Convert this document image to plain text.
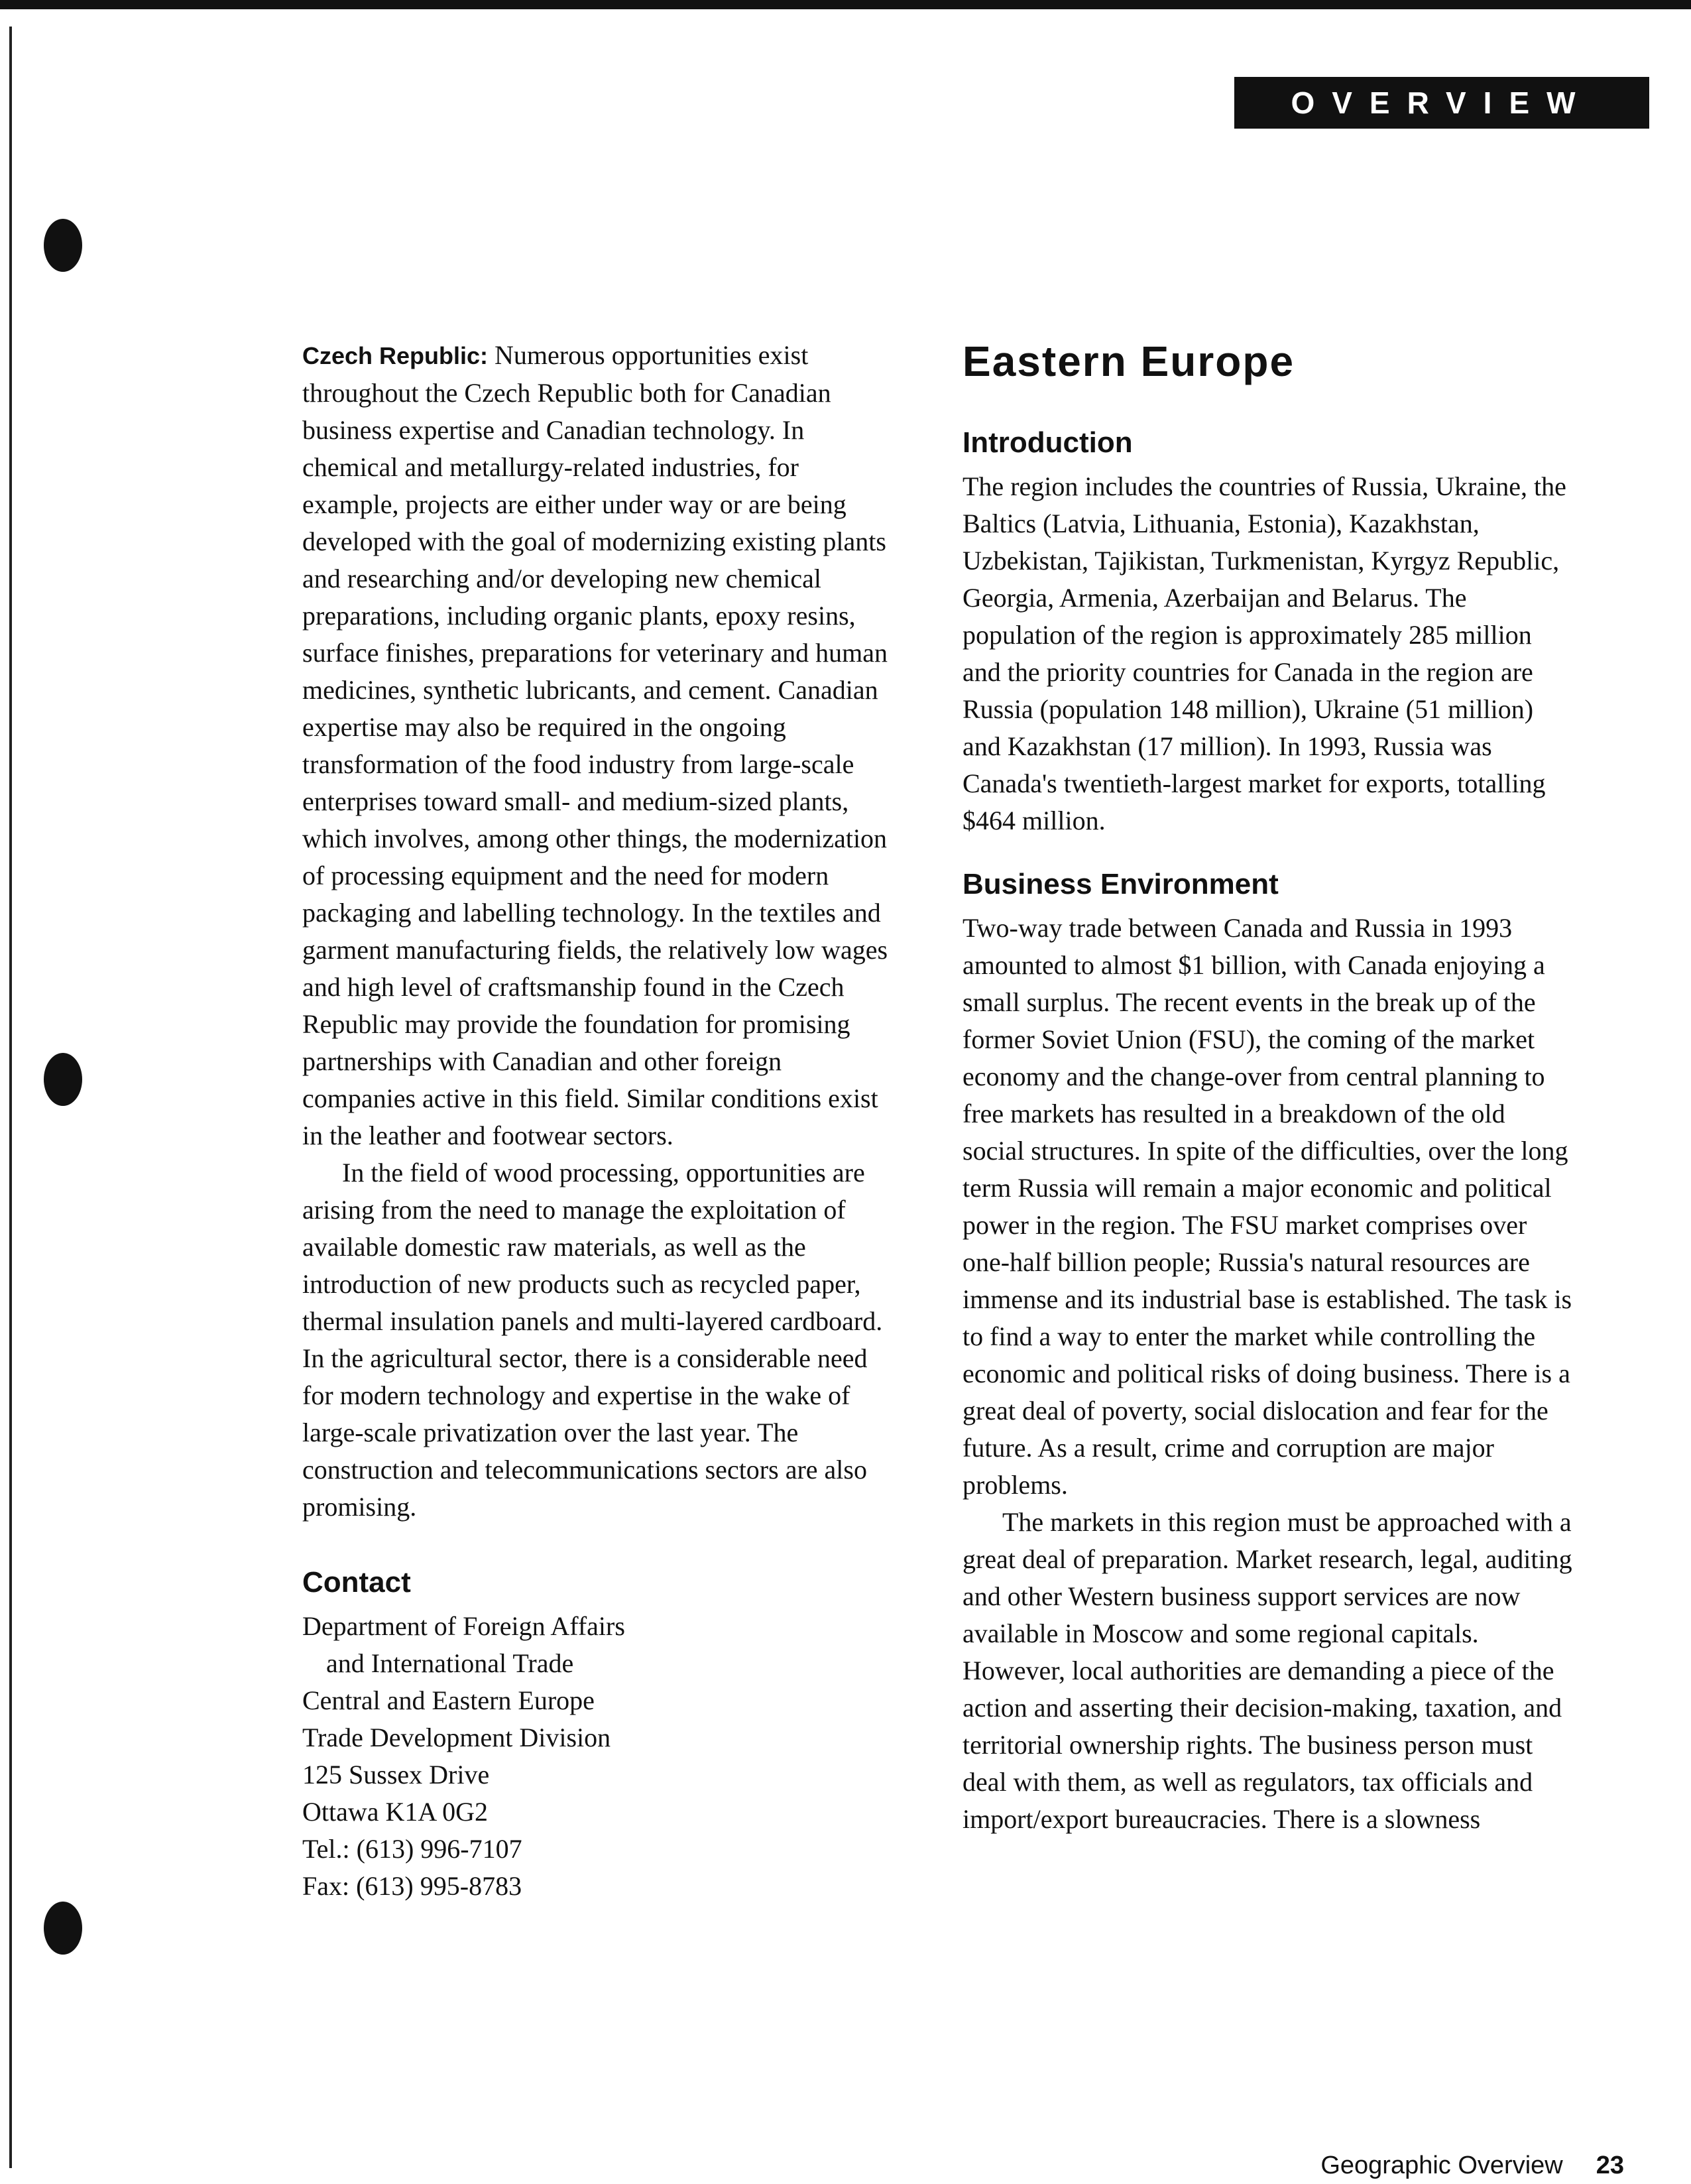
OVERVIEW

Czech Republic: Numerous opportunities exist throughout the Czech Republic both for Canadian business expertise and Canadian technology. In chemical and metallurgy-related industries, for example, projects are either under way or are being developed with the goal of modernizing existing plants and researching and/or developing new chemical preparations, including organic plants, epoxy resins, surface finishes, preparations for veterinary and human medicines, synthetic lubricants, and cement. Canadian expertise may also be required in the ongoing transformation of the food industry from large-scale enterprises toward small- and medium-sized plants, which involves, among other things, the modernization of processing equipment and the need for modern packaging and labelling technology. In the textiles and garment manufacturing fields, the relatively low wages and high level of craftsmanship found in the Czech Republic may provide the foundation for promising partnerships with Canadian and other foreign companies active in this field. Similar conditions exist in the leather and footwear sectors.

In the field of wood processing, opportunities are arising from the need to manage the exploitation of available domestic raw materials, as well as the introduction of new products such as recycled paper, thermal insulation panels and multi-layered cardboard. In the agricultural sector, there is a considerable need for modern technology and expertise in the wake of large-scale privatization over the last year. The construction and telecommunications sectors are also promising.

Contact

Department of Foreign Affairs

and International Trade

Central and Eastern Europe

Trade Development Division

125 Sussex Drive

Ottawa K1A 0G2

Tel.: (613) 996-7107

Fax: (613) 995-8783

Eastern Europe
Introduction

The region includes the countries of Russia, Ukraine, the Baltics (Latvia, Lithuania, Estonia), Kazakhstan, Uzbekistan, Tajikistan, Turkmenistan, Kyrgyz Republic, Georgia, Armenia, Azerbaijan and Belarus. The population of the region is approximately 285 million and the priority countries for Canada in the region are Russia (population 148 million), Ukraine (51 million) and Kazakhstan (17 million). In 1993, Russia was Canada's twentieth-largest market for exports, totalling $464 million.

Business Environment

Two-way trade between Canada and Russia in 1993 amounted to almost $1 billion, with Canada enjoying a small surplus. The recent events in the break up of the former Soviet Union (FSU), the coming of the market economy and the change-over from central planning to free markets has resulted in a breakdown of the old social structures. In spite of the difficulties, over the long term Russia will remain a major economic and political power in the region. The FSU market comprises over one-half billion people; Russia's natural resources are immense and its industrial base is established. The task is to find a way to enter the market while controlling the economic and political risks of doing business. There is a great deal of poverty, social dislocation and fear for the future. As a result, crime and corruption are major problems.

The markets in this region must be approached with a great deal of preparation. Market research, legal, auditing and other Western business support services are now available in Moscow and some regional capitals. However, local authorities are demanding a piece of the action and asserting their decision-making, taxation, and territorial ownership rights. The business person must deal with them, as well as regulators, tax officials and import/export bureaucracies. There is a slowness

Geographic Overview 23
